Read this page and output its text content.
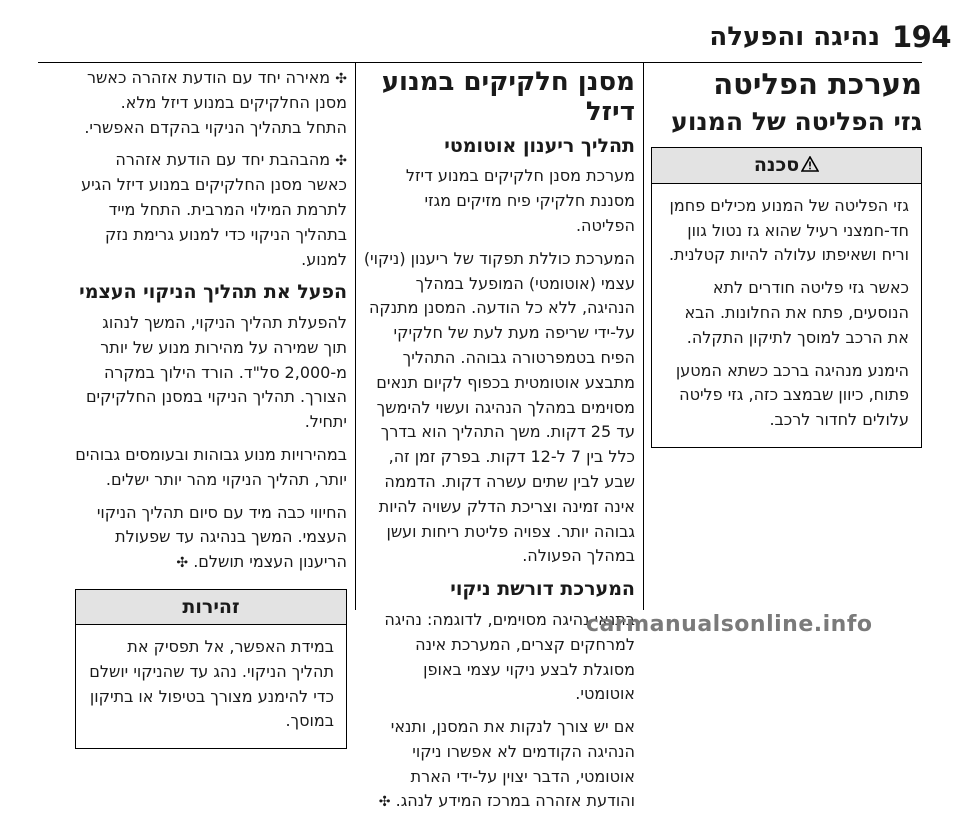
194
נהיגה והפעלה
מערכת הפליטה
גזי הפליטה של המנוע
סכנה

גזי הפליטה של המנוע מכילים פחמן חד-חמצני רעיל שהוא גז נטול גוון וריח ושאיפתו עלולה להיות קטלנית.

כאשר גזי פליטה חודרים לתא הנוסעים, פתח את החלונות. הבא את הרכב למוסך לתיקון התקלה.

הימנע מנהיגה ברכב כשתא המטען פתוח, כיוון שבמצב כזה, גזי פליטה עלולים לחדור לרכב.

מסנן חלקיקים במנוע דיזל
תהליך ריענון אוטומטי

מערכת מסנן חלקיקים במנוע דיזל מסננת חלקיקי פיח מזיקים מגזי הפליטה.

המערכת כוללת תפקוד של ריענון (ניקוי) עצמי (אוטומטי) המופעל במהלך הנהיגה, ללא כל הודעה. המסנן מתנקה על-ידי שריפה מעת לעת של חלקיקי הפיח בטמפרטורה גבוהה. התהליך מתבצע אוטומטית בכפוף לקיום תנאים מסוימים במהלך הנהיגה ועשוי להימשך עד 25 דקות. משך התהליך הוא בדרך כלל בין 7 ל-12 דקות. בפרק זמן זה, שבע לבין שתים עשרה דקות. הדממה אינה זמינה וצריכת הדלק עשויה להיות גבוהה יותר. צפויה פליטת ריחות ועשן במהלך הפעולה.

המערכת דורשת ניקוי

בתנאי נהיגה מסוימים, לדוגמה: נהיגה למרחקים קצרים, המערכת אינה מסוגלת לבצע ניקוי עצמי באופן אוטומטי.

אם יש צורך לנקות את המסנן, ותנאי הנהיגה הקודמים לא אפשרו ניקוי אוטומטי, הדבר יצוין על-ידי הארת והודעת אזהרה במרכז המידע לנהג. ✣

✣ מאירה יחד עם הודעת אזהרה כאשר מסנן החלקיקים במנוע דיזל מלא. התחל בתהליך הניקוי בהקדם האפשרי.

✣ מהבהבת יחד עם הודעת אזהרה כאשר מסנן החלקיקים במנוע דיזל הגיע לתרמת המילוי המרבית. התחל מייד בתהליך הניקוי כדי למנוע גרימת נזק למנוע.

הפעל את תהליך הניקוי העצמי

להפעלת תהליך הניקוי, המשך לנהוג תוך שמירה על מהירות מנוע של יותר מ-2,000 סל"ד. הורד הילוך במקרה הצורך. תהליך הניקוי במסנן החלקיקים יתחיל.

במהירויות מנוע גבוהות ובעומסים גבוהים יותר, תהליך הניקוי מהר יותר ישלים.

החיווי כבה מיד עם סיום תהליך הניקוי העצמי. המשך בנהיגה עד שפעולת הריענון העצמי תושלם. ✣

זהירות

במידת האפשר, אל תפסיק את תהליך הניקוי. נהג עד שהניקוי יושלם כדי להימנע מצורך בטיפול או בתיקון במוסך.

carmanualsonline.info
